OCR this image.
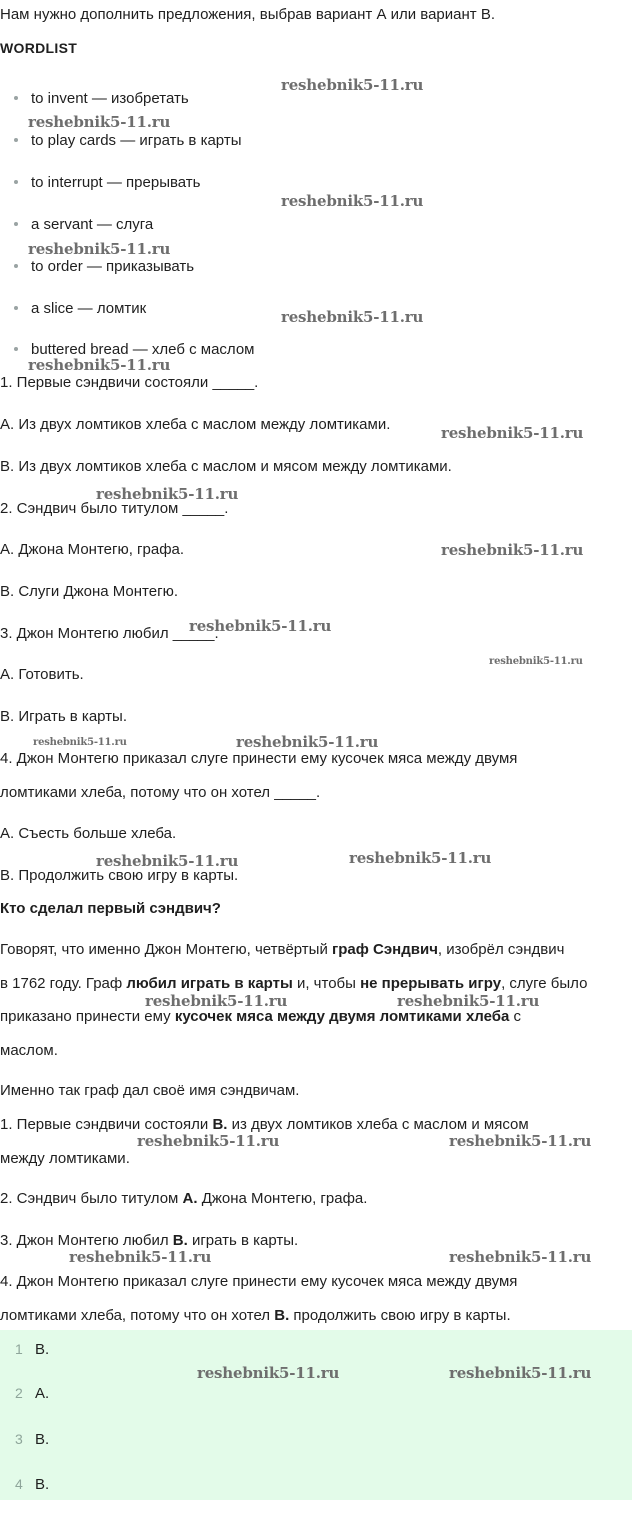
Нам нужно дополнить предложения, выбрав вариант А или вариант В.
WORDLIST
to invent — изобретать
to play cards — играть в карты
to interrupt — прерывать
a servant — слуга
to order — приказывать
a slice — ломтик
buttered bread — хлеб с маслом
1. Первые сэндвичи состояли _____.
А. Из двух ломтиков хлеба с маслом между ломтиками.
В. Из двух ломтиков хлеба с маслом и мясом между ломтиками.
2. Сэндвич было титулом _____.
А. Джона Монтегю, графа.
В. Слуги Джона Монтегю.
3. Джон Монтегю любил _____.
А. Готовить.
В. Играть в карты.
4. Джон Монтегю приказал слуге принести ему кусочек мяса между двумя
ломтиками хлеба, потому что он хотел _____.
А. Съесть больше хлеба.
В. Продолжить свою игру в карты.
Кто сделал первый сэндвич?
Говорят, что именно Джон Монтегю, четвёртый граф Сэндвич, изобрёл сэндвич
в 1762 году. Граф любил играть в карты и, чтобы не прерывать игру, слуге было
приказано принести ему кусочек мяса между двумя ломтиками хлеба с
маслом.
Именно так граф дал своё имя сэндвичам.
1. Первые сэндвичи состояли В. из двух ломтиков хлеба с маслом и мясом
между ломтиками.
2. Сэндвич было титулом А. Джона Монтегю, графа.
3. Джон Монтегю любил В. играть в карты.
4. Джон Монтегю приказал слуге принести ему кусочек мяса между двумя
ломтиками хлеба, потому что он хотел В. продолжить свою игру в карты.
1 В.
2 А.
3 В.
4 В.
reshebnik5-11.ru
reshebnik5-11.ru
reshebnik5-11.ru
reshebnik5-11.ru
reshebnik5-11.ru
reshebnik5-11.ru
reshebnik5-11.ru
reshebnik5-11.ru
reshebnik5-11.ru
reshebnik5-11.ru
reshebnik5-11.ru
reshebnik5-11.ru	reshebnik5-11.ru
reshebnik5-11.ru	reshebnik5-11.ru
reshebnik5-11.ru	reshebnik5-11.ru
reshebnik5-11.ru	reshebnik5-11.ru
reshebnik5-11.ru	reshebnik5-11.ru
reshebnik5-11.ru	reshebnik5-11.ru
